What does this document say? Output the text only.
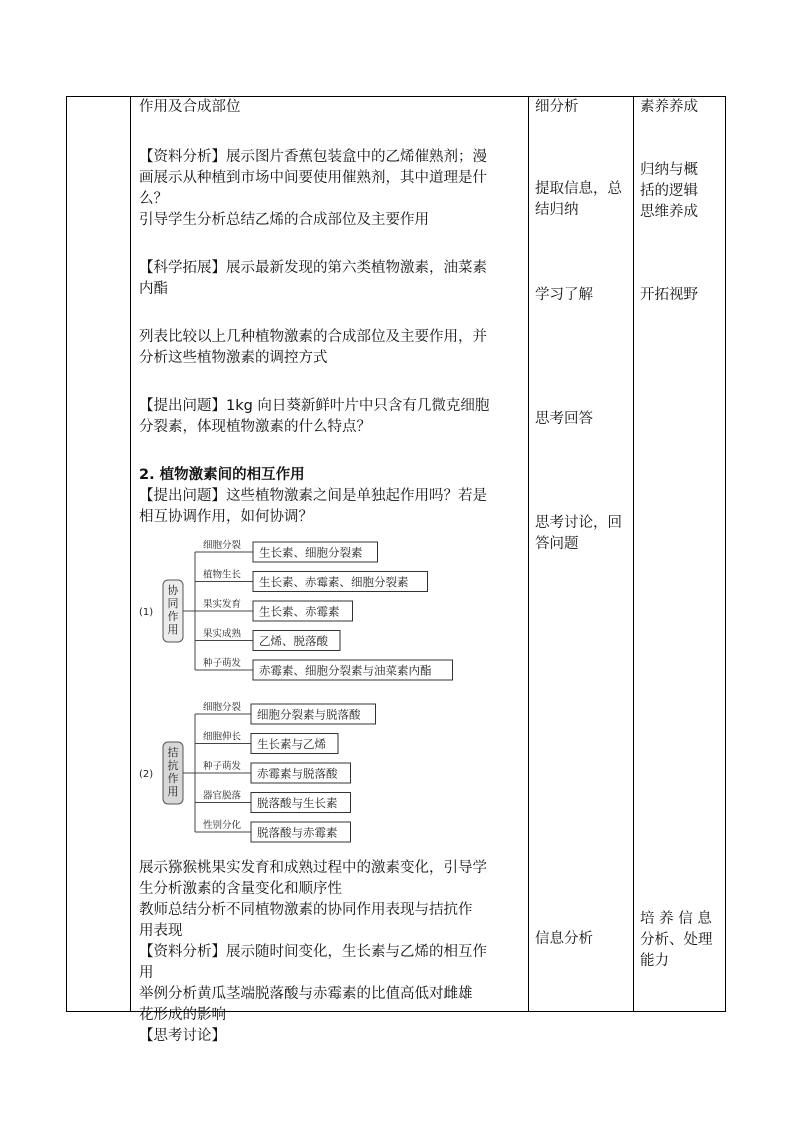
作用及合成部位

【资料分析】展示图片香蕉包装盒中的乙烯催熟剂；漫

画展示从种植到市场中间要使用催熟剂，其中道理是什

么？

引导学生分析总结乙烯的合成部位及主要作用

【科学拓展】展示最新发现的第六类植物激素，油菜素

内酯

列表比较以上几种植物激素的合成部位及主要作用，并

分析这些植物激素的调控方式

【提出问题】1kg 向日葵新鲜叶片中只含有几微克细胞

分裂素，体现植物激素的什么特点？

2. 植物激素间的相互作用

【提出问题】这些植物激素之间是单独起作用吗？若是

相互协调作用，如何协调？

(1)
协
同
作
用
细胞分裂 生长素、细胞分裂素
植物生长 生长素、赤霉素、细胞分裂素
果实发育 生长素、赤霉素
果实成熟 乙烯、脱落酸
种子萌发 赤霉素、细胞分裂素与油菜素内酯
(2)
拮
抗
作
用
细胞分裂 细胞分裂素与脱落酸
细胞伸长 生长素与乙烯
种子萌发 赤霉素与脱落酸
器官脱落 脱落酸与生长素
性别分化 脱落酸与赤霉素

展示猕猴桃果实发育和成熟过程中的激素变化，引导学

生分析激素的含量变化和顺序性

教师总结分析不同植物激素的协同作用表现与拮抗作

用表现

【资料分析】展示随时间变化，生长素与乙烯的相互作

用

举例分析黄瓜茎端脱落酸与赤霉素的比值高低对雌雄

花形成的影响

【思考讨论】

细分析
提取信息，总
结归纳
学习了解
思考回答
思考讨论，回
答问题
信息分析
素养养成
归纳与概
括的逻辑
思维养成
开拓视野
培 养 信 息
分析、处理
能力
